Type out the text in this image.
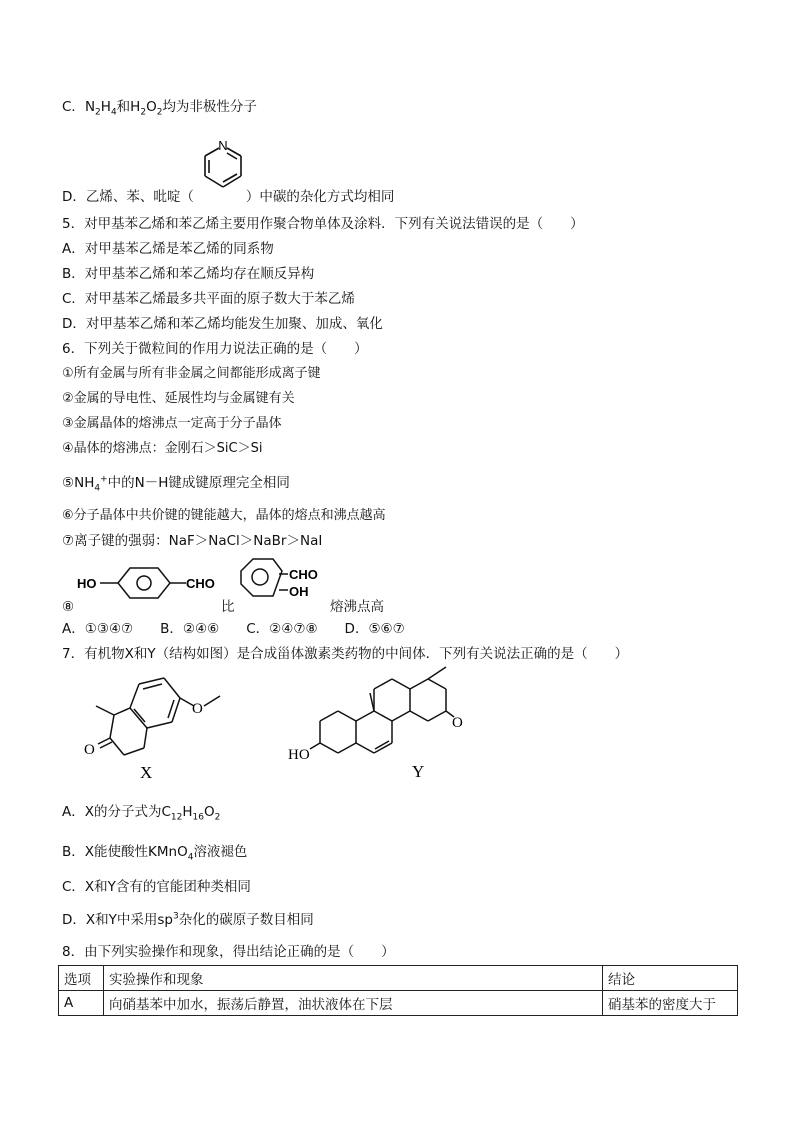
C．$N_2H_4$和$H_2O_2$均为非极性分子
N
D．乙烯、苯、吡啶（	）中碳的杂化方式均相同
5．对甲基苯乙烯和苯乙烯主要用作聚合物单体及涂料．下列有关说法错误的是（　　）
A．对甲基苯乙烯是苯乙烯的同系物
B．对甲基苯乙烯和苯乙烯均存在顺反异构
C．对甲基苯乙烯最多共平面的原子数大于苯乙烯
D．对甲基苯乙烯和苯乙烯均能发生加聚、加成、氧化
6．下列关于微粒间的作用力说法正确的是（　　）
①所有金属与所有非金属之间都能形成离子键
②金属的导电性、延展性均与金属键有关
③金属晶体的熔沸点一定高于分子晶体
④晶体的熔沸点：金刚石＞SiC＞Si
$⑤NH_4^+$中的N－H键成键原理完全相同
⑥分子晶体中共价键的键能越大，晶体的熔点和沸点越高
⑦离子键的强弱：NaF＞NaCl＞NaBr＞NaI
HO	CHO
CHO
OH
⑧	比	熔沸点高
A．①③④⑦　　B．②④⑥　　C．②④⑦⑧　　D．⑤⑥⑦
7．有机物X和Y（结构如图）是合成甾体激素类药物的中间体．下列有关说法正确的是（　　）
O
O
X
O
HO
Y
A．X的分子式为$C_{12}H_{16}O_2$
B．X能使酸性KMnO$_4$溶液褪色
C．X和Y含有的官能团种类相同
D．X和Y中采用$sp^3$杂化的碳原子数目相同
8．由下列实验操作和现象，得出结论正确的是（　　）
选项	实验操作和现象	结论
A	向硝基苯中加水，振荡后静置，油状液体在下层	硝基苯的密度大于
